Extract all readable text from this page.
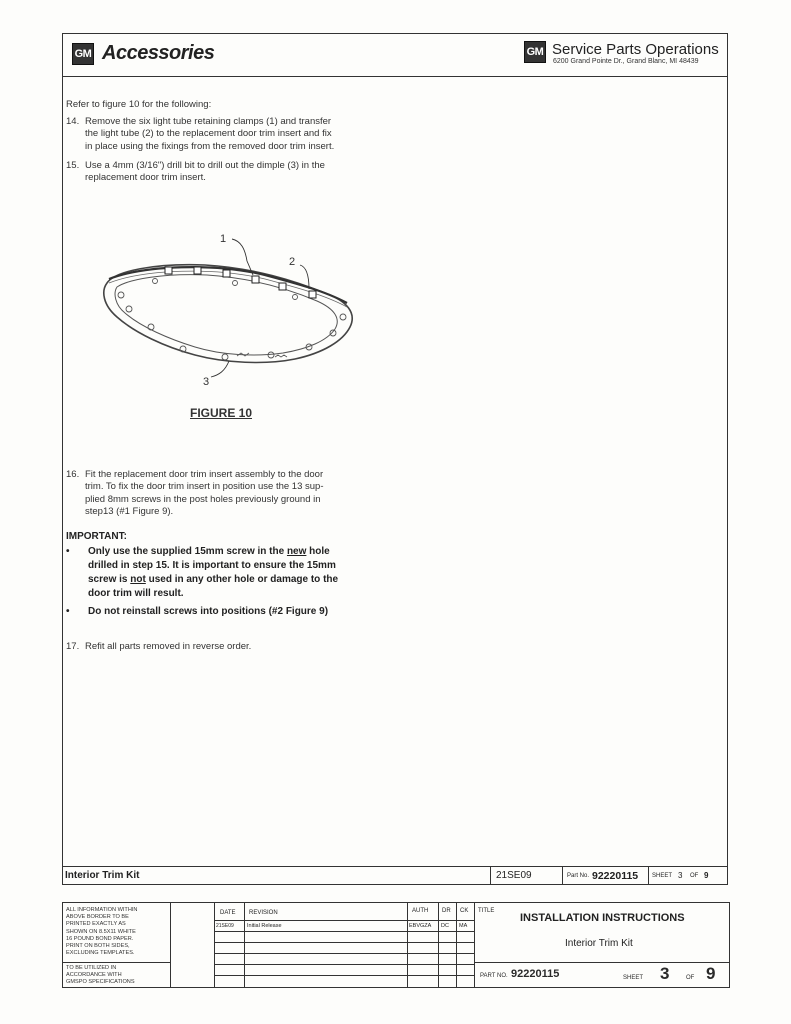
GM Accessories	GM Service Parts Operations
6200 Grand Pointe Dr., Grand Blanc, MI 48439
Refer to figure 10 for the following:
14. Remove the six light tube retaining clamps (1) and transfer
the light tube (2) to the replacement door trim insert and fix
in place using the fixings from the removed door trim insert.
15. Use a 4mm (3/16") drill bit to drill out the dimple (3) in the
replacement door trim insert.
1
2
3
FIGURE 10
16. Fit the replacement door trim insert assembly to the door
trim. To fix the door trim insert in position use the 13 sup-
plied 8mm screws in the post holes previously ground in
step13 (#1 Figure 9).
IMPORTANT:
• Only use the supplied 15mm screw in the new hole
drilled in step 15. It is important to ensure the 15mm
screw is not used in any other hole or damage to the
door trim will result.
• Do not reinstall screws into positions (#2 Figure 9)
17. Refit all parts removed in reverse order.
Interior Trim Kit	21SE09	Part No. 92220115 SHEET 3 OF 9
ALL INFORMATION WITHIN
ABOVE BORDER TO BE
PRINTED EXACTLY AS
SHOWN ON 8.5X11 WHITE
16 POUND BOND PAPER.
PRINT ON BOTH SIDES,
EXCLUDING TEMPLATES.
TO BE UTILIZED IN
ACCORDANCE WITH
GMSPO SPECIFICATIONS
DATE REVISION	AUTH DR CK TITLE
21SE09 Initial Release	EBVGZA DC MA
INSTALLATION INSTRUCTIONS
Interior Trim Kit
PART NO. 92220115	SHEET 3	OF 9
